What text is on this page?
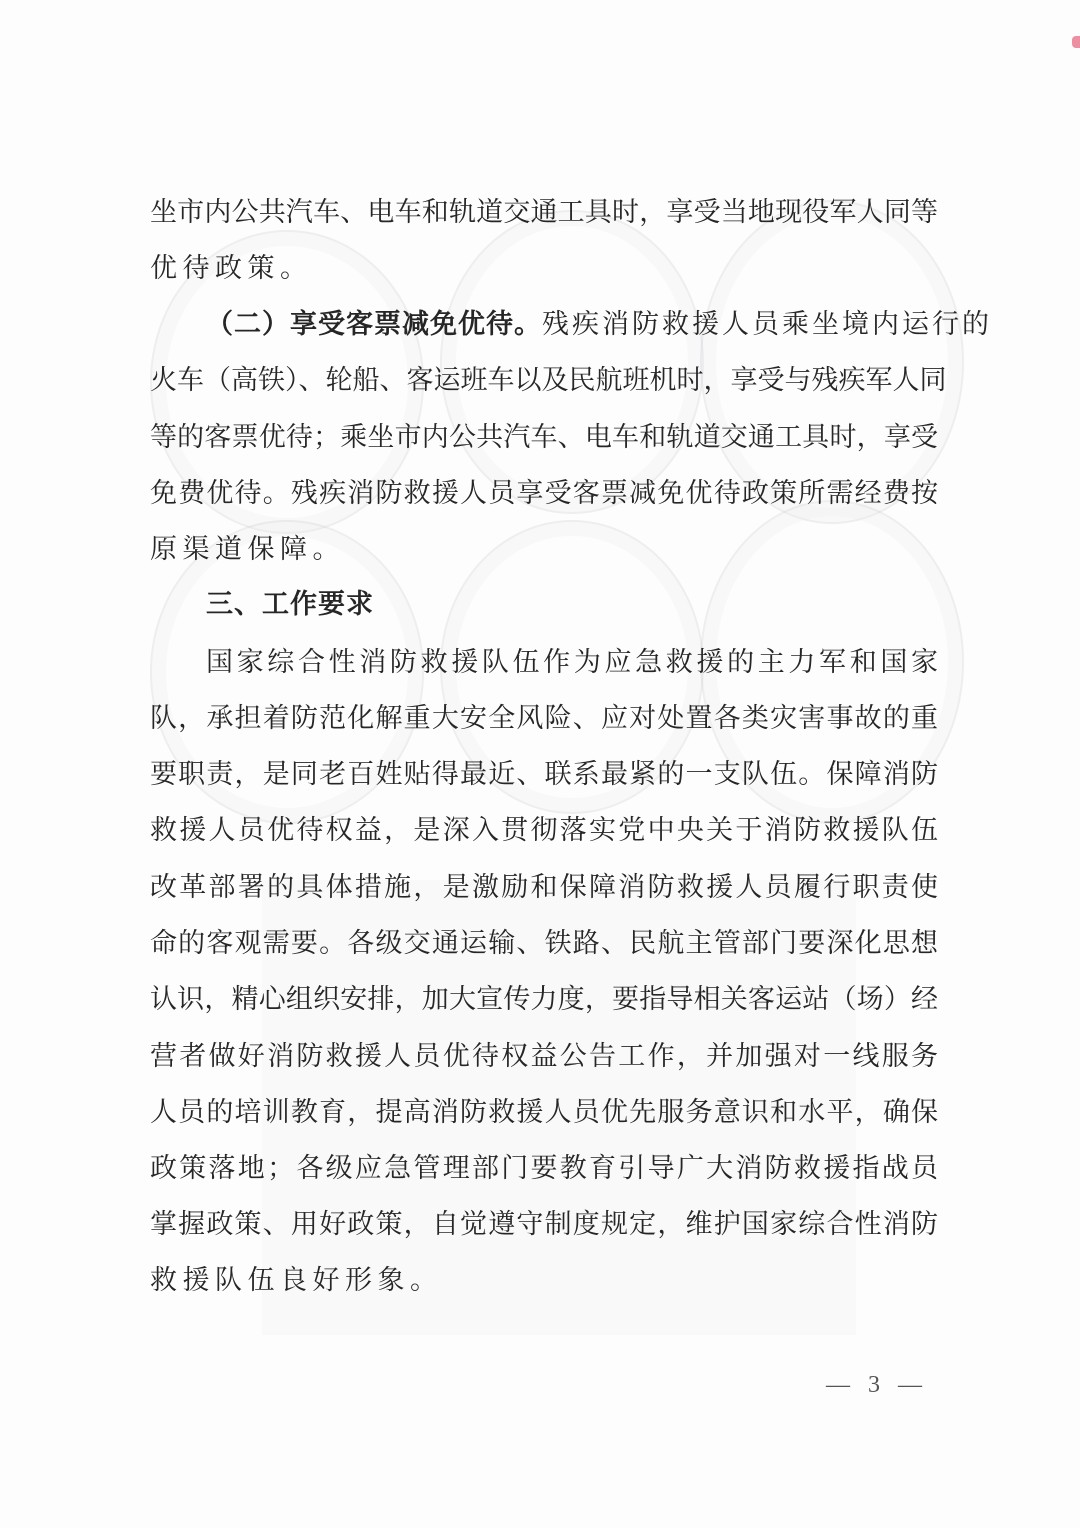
坐市内公共汽车、电车和轨道交通工具时，享受当地现役军人同等
优待政策。
（二）享受客票减免优待。残疾消防救援人员乘坐境内运行的
火车（高铁）、轮船、客运班车以及民航班机时，享受与残疾军人同
等的客票优待；乘坐市内公共汽车、电车和轨道交通工具时，享受
免费优待。残疾消防救援人员享受客票减免优待政策所需经费按
原渠道保障。
三、工作要求
国家综合性消防救援队伍作为应急救援的主力军和国家
队，承担着防范化解重大安全风险、应对处置各类灾害事故的重
要职责，是同老百姓贴得最近、联系最紧的一支队伍。保障消防
救援人员优待权益，是深入贯彻落实党中央关于消防救援队伍
改革部署的具体措施，是激励和保障消防救援人员履行职责使
命的客观需要。各级交通运输、铁路、民航主管部门要深化思想
认识，精心组织安排，加大宣传力度，要指导相关客运站（场）经
营者做好消防救援人员优待权益公告工作，并加强对一线服务
人员的培训教育，提高消防救援人员优先服务意识和水平，确保
政策落地；各级应急管理部门要教育引导广大消防救援指战员
掌握政策、用好政策，自觉遵守制度规定，维护国家综合性消防
救援队伍良好形象。
— 3 —
